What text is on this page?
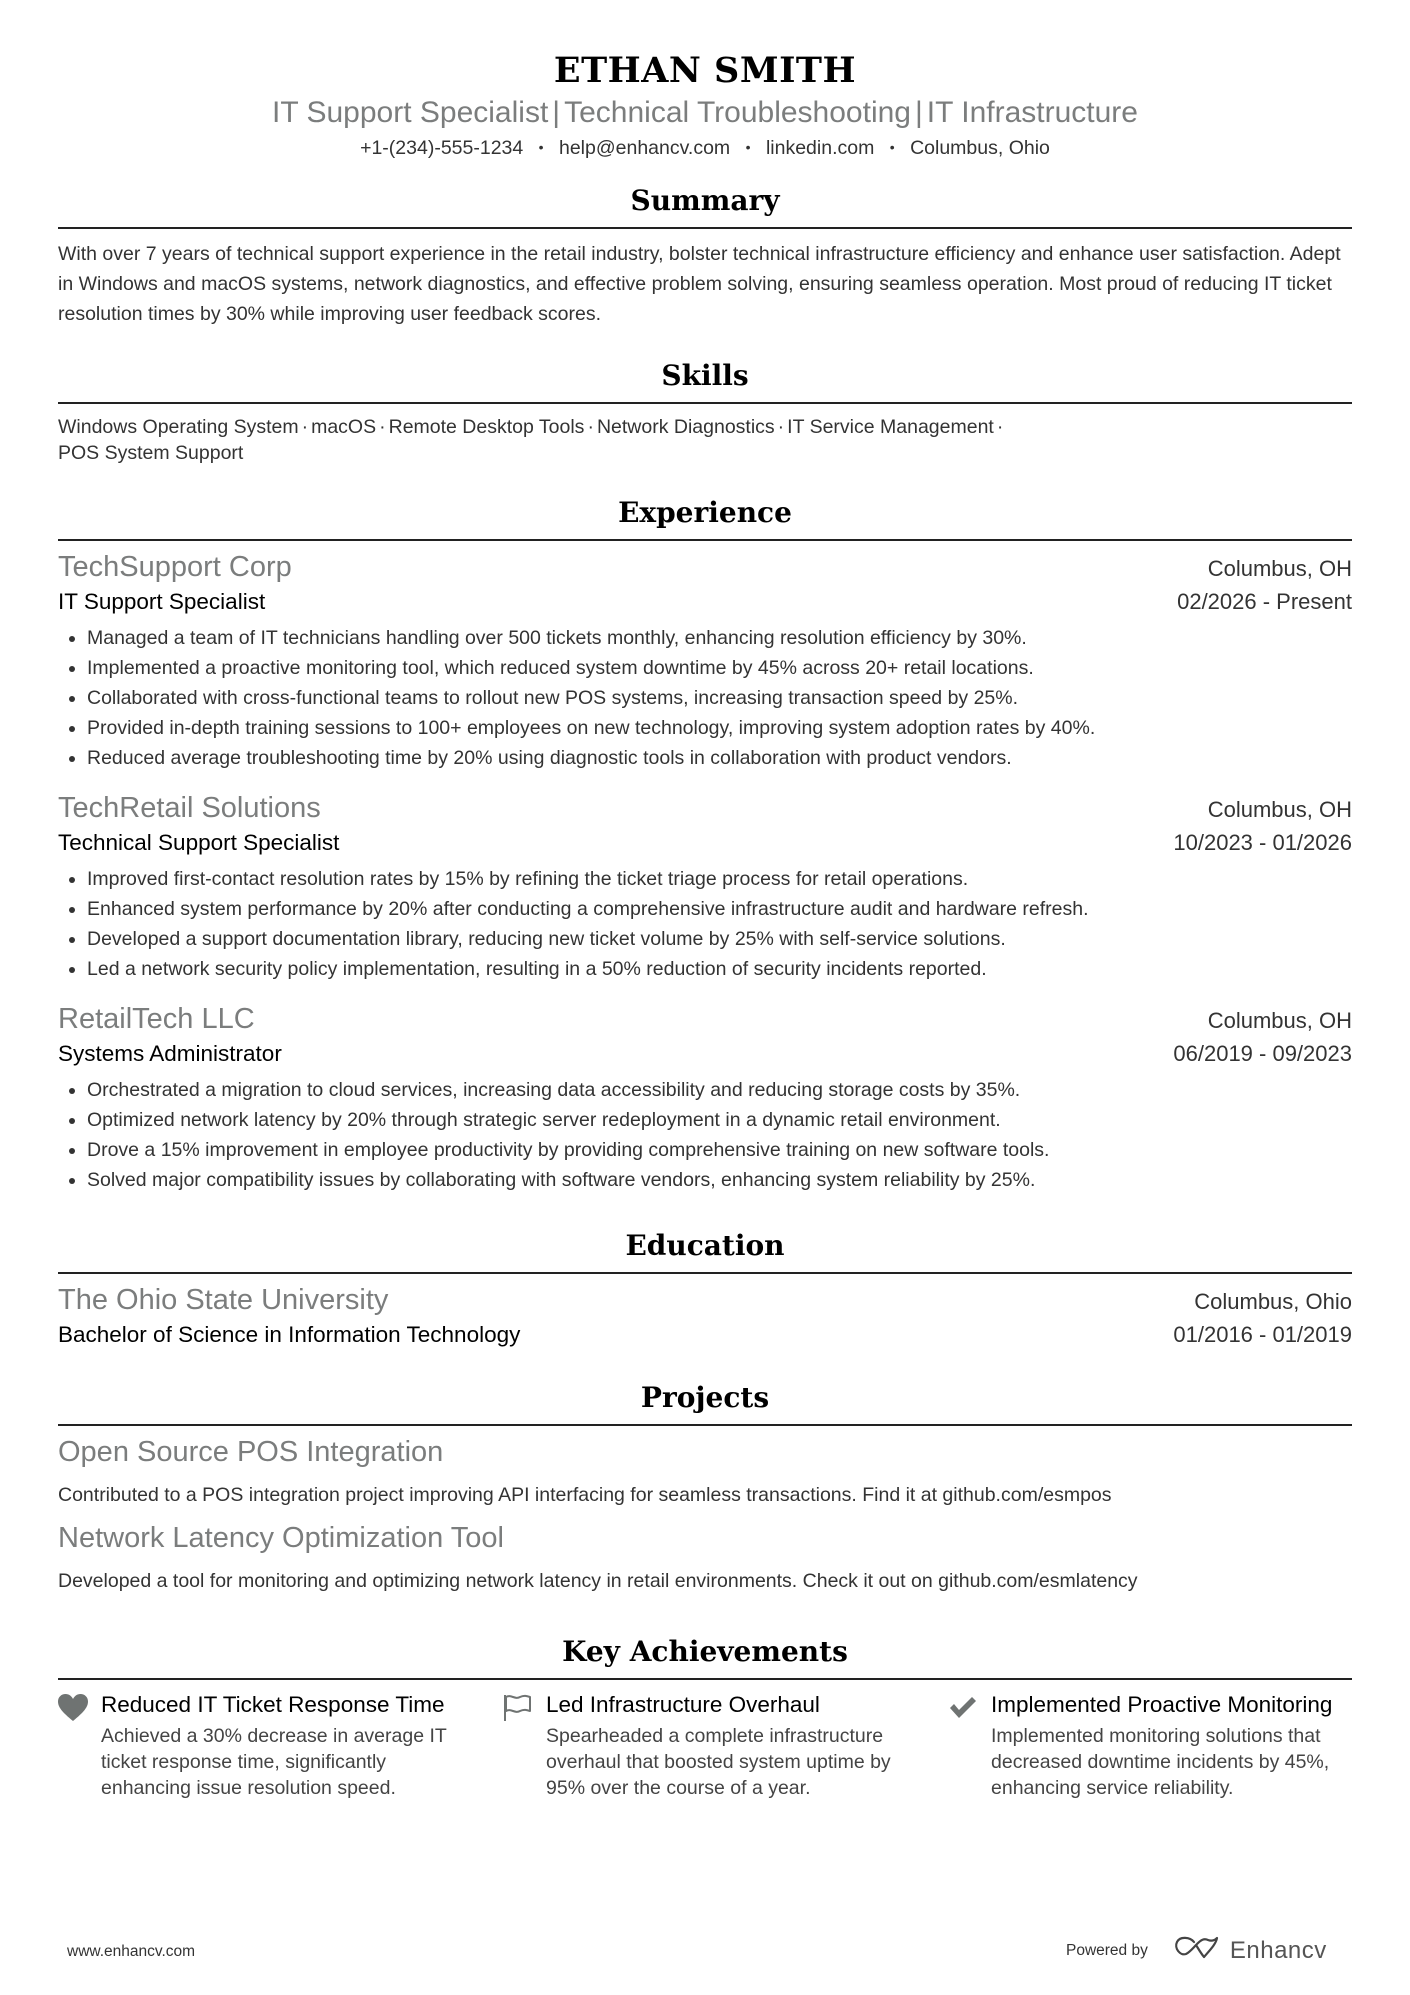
ETHAN SMITH
IT Support Specialist | Technical Troubleshooting | IT Infrastructure
+1-(234)-555-1234 • help@enhancv.com • linkedin.com • Columbus, Ohio
Summary
With over 7 years of technical support experience in the retail industry, bolster technical infrastructure efficiency and enhance user satisfaction. Adept in Windows and macOS systems, network diagnostics, and effective problem solving, ensuring seamless operation. Most proud of reducing IT ticket resolution times by 30% while improving user feedback scores.
Skills
Windows Operating System · macOS · Remote Desktop Tools · Network Diagnostics · IT Service Management ·
POS System Support
Experience
TechSupport Corp	Columbus, OH
IT Support Specialist	02/2026 - Present
Managed a team of IT technicians handling over 500 tickets monthly, enhancing resolution efficiency by 30%.
Implemented a proactive monitoring tool, which reduced system downtime by 45% across 20+ retail locations.
Collaborated with cross-functional teams to rollout new POS systems, increasing transaction speed by 25%.
Provided in-depth training sessions to 100+ employees on new technology, improving system adoption rates by 40%.
Reduced average troubleshooting time by 20% using diagnostic tools in collaboration with product vendors.
TechRetail Solutions	Columbus, OH
Technical Support Specialist	10/2023 - 01/2026
Improved first-contact resolution rates by 15% by refining the ticket triage process for retail operations.
Enhanced system performance by 20% after conducting a comprehensive infrastructure audit and hardware refresh.
Developed a support documentation library, reducing new ticket volume by 25% with self-service solutions.
Led a network security policy implementation, resulting in a 50% reduction of security incidents reported.
RetailTech LLC	Columbus, OH
Systems Administrator	06/2019 - 09/2023
Orchestrated a migration to cloud services, increasing data accessibility and reducing storage costs by 35%.
Optimized network latency by 20% through strategic server redeployment in a dynamic retail environment.
Drove a 15% improvement in employee productivity by providing comprehensive training on new software tools.
Solved major compatibility issues by collaborating with software vendors, enhancing system reliability by 25%.
Education
The Ohio State University	Columbus, Ohio
Bachelor of Science in Information Technology	01/2016 - 01/2019
Projects
Open Source POS Integration
Contributed to a POS integration project improving API interfacing for seamless transactions. Find it at github.com/esmpos
Network Latency Optimization Tool
Developed a tool for monitoring and optimizing network latency in retail environments. Check it out on github.com/esmlatency
Key Achievements
Reduced IT Ticket Response Time
Achieved a 30% decrease in average IT ticket response time, significantly enhancing issue resolution speed.
Led Infrastructure Overhaul
Spearheaded a complete infrastructure overhaul that boosted system uptime by 95% over the course of a year.
Implemented Proactive Monitoring
Implemented monitoring solutions that decreased downtime incidents by 45%, enhancing service reliability.
www.enhancv.com	Powered by	Enhancv
